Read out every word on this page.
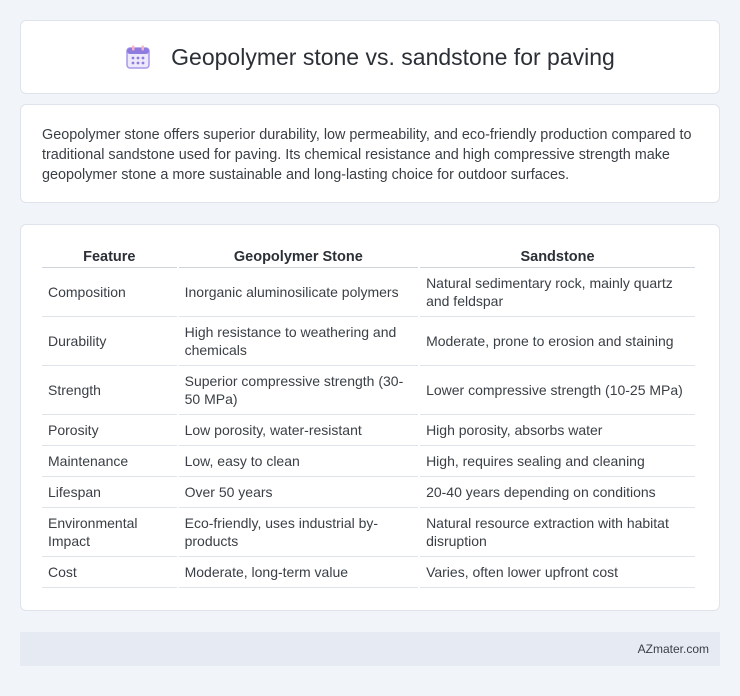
Geopolymer stone vs. sandstone for paving

Geopolymer stone offers superior durability, low permeability, and eco-friendly production compared to traditional sandstone used for paving. Its chemical resistance and high compressive strength make geopolymer stone a more sustainable and long-lasting choice for outdoor surfaces.

Feature	Geopolymer Stone	Sandstone
Composition	Inorganic aluminosilicate polymers	Natural sedimentary rock, mainly quartz and feldspar
Durability	High resistance to weathering and chemicals	Moderate, prone to erosion and staining
Strength	Superior compressive strength (30-50 MPa)	Lower compressive strength (10-25 MPa)
Porosity	Low porosity, water-resistant	High porosity, absorbs water
Maintenance	Low, easy to clean	High, requires sealing and cleaning
Lifespan	Over 50 years	20-40 years depending on conditions
Environmental Impact	Eco-friendly, uses industrial by-products	Natural resource extraction with habitat disruption
Cost	Moderate, long-term value	Varies, often lower upfront cost
AZmater.com
